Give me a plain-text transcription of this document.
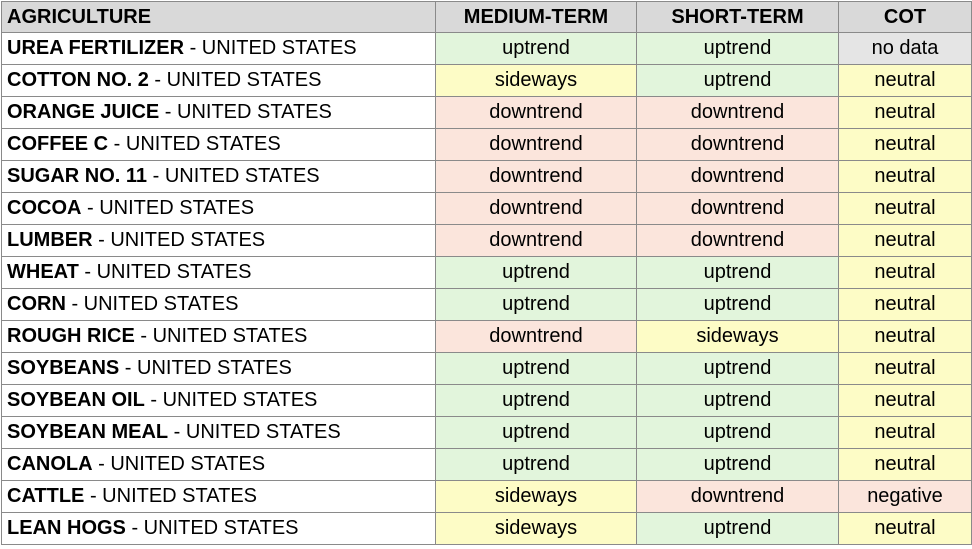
AGRICULTURE	MEDIUM-TERM	SHORT-TERM	COT
UREA FERTILIZER - UNITED STATES	uptrend	uptrend	no data
COTTON NO. 2 - UNITED STATES	sideways	uptrend	neutral
ORANGE JUICE - UNITED STATES	downtrend	downtrend	neutral
COFFEE C - UNITED STATES	downtrend	downtrend	neutral
SUGAR NO. 11 - UNITED STATES	downtrend	downtrend	neutral
COCOA - UNITED STATES	downtrend	downtrend	neutral
LUMBER - UNITED STATES	downtrend	downtrend	neutral
WHEAT - UNITED STATES	uptrend	uptrend	neutral
CORN - UNITED STATES	uptrend	uptrend	neutral
ROUGH RICE - UNITED STATES	downtrend	sideways	neutral
SOYBEANS - UNITED STATES	uptrend	uptrend	neutral
SOYBEAN OIL - UNITED STATES	uptrend	uptrend	neutral
SOYBEAN MEAL - UNITED STATES	uptrend	uptrend	neutral
CANOLA - UNITED STATES	uptrend	uptrend	neutral
CATTLE - UNITED STATES	sideways	downtrend	negative
LEAN HOGS - UNITED STATES	sideways	uptrend	neutral
